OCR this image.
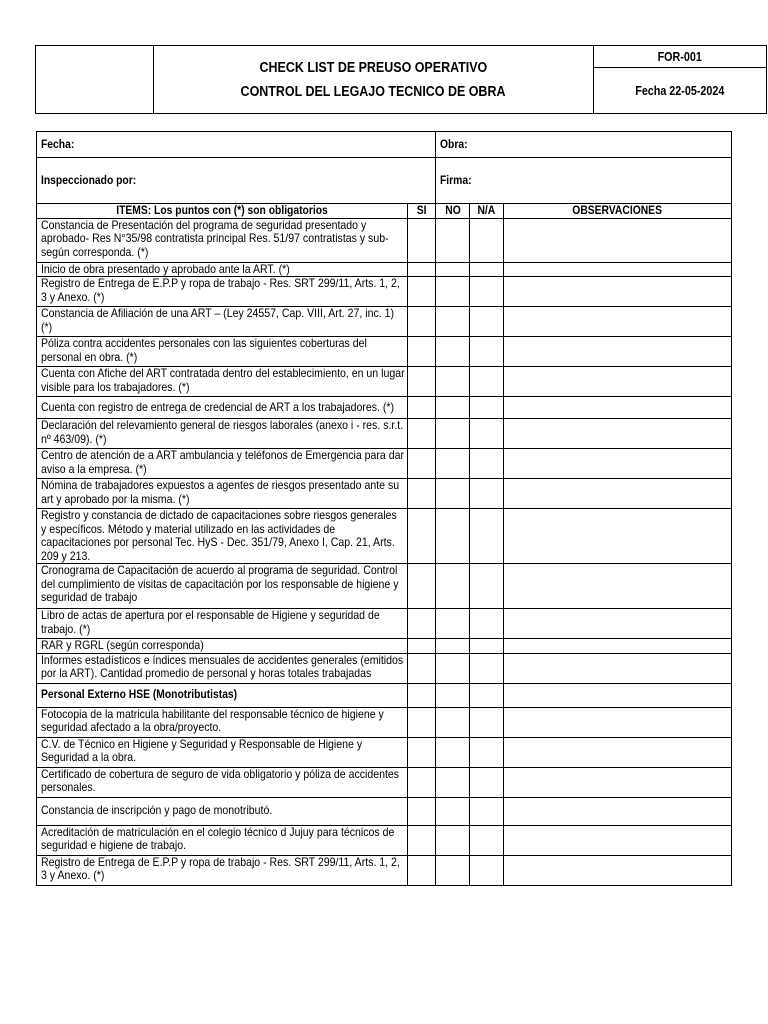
CHECK LIST DE PREUSO OPERATIVO
CONTROL DEL LEGAJO TECNICO DE OBRA
	FOR-001
Fecha 22-05-2024
Fecha:		Obra:		
Inspeccionado por:		Firma:		
ITEMS: Los puntos con (*) son obligatorios	SI	NO	N/A	OBSERVACIONES

Constancia de Presentación del programa de seguridad presentado y aprobado- Res N°35/98 contratista principal Res. 51/97 contratistas y sub-según corresponda. (*)				

Inicio de obra presentado y aprobado ante la ART. (*)				

Registro de Entrega de E.P.P y ropa de trabajo - Res. SRT 299/11, Arts. 1, 2, 3 y Anexo. (*)				

Constancia de Afiliación de una ART – (Ley 24557, Cap. VIII, Art. 27, inc. 1) (*)				

Póliza contra accidentes personales con las siguientes coberturas del personal en obra. (*)				

Cuenta con Afiche del ART contratada dentro del establecimiento, en un lugar visible para los trabajadores. (*)				

Cuenta con registro de entrega de credencial de ART a los trabajadores. (*)				

Declaración del relevamiento general de riesgos laborales (anexo i - res. s.r.t. nº 463/09). (*)				

Centro de atención de a ART ambulancia y teléfonos de Emergencia para dar aviso a la empresa. (*)				

Nómina de trabajadores expuestos a agentes de riesgos presentado ante su art y aprobado por la misma. (*)				

Registro y constancia de dictado de capacitaciones sobre riesgos generales y específicos. Método y material utilizado en las actividades de capacitaciones por personal Tec. HyS - Dec. 351/79, Anexo I, Cap. 21, Arts. 209 y 213.				

Cronograma de Capacitación de acuerdo al programa de seguridad. Control del cumplimiento de visitas de capacitación por los responsable de higiene y seguridad de trabajo				

Libro de actas de apertura por el responsable de Higiene y seguridad de trabajo. (*)				

RAR y RGRL (según corresponda)				

Informes estadísticos e índices mensuales de accidentes generales (emitidos por la ART). Cantidad promedio de personal y horas totales trabajadas				

Personal Externo HSE (Monotributistas)				

Fotocopia de la matricula habilitante del responsable técnico de higiene y seguridad afectado a la obra/proyecto.				

C.V. de Técnico en Higiene y Seguridad y Responsable de Higiene y Seguridad a la obra.				

Certificado de cobertura de seguro de vida obligatorio y póliza de accidentes personales.				

Constancia de inscripción y pago de monotributó.				

Acreditación de matriculación en el colegio técnico d Jujuy para técnicos de seguridad e higiene de trabajo.				

Registro de Entrega de E.P.P y ropa de trabajo - Res. SRT 299/11, Arts. 1, 2, 3 y Anexo. (*)				
